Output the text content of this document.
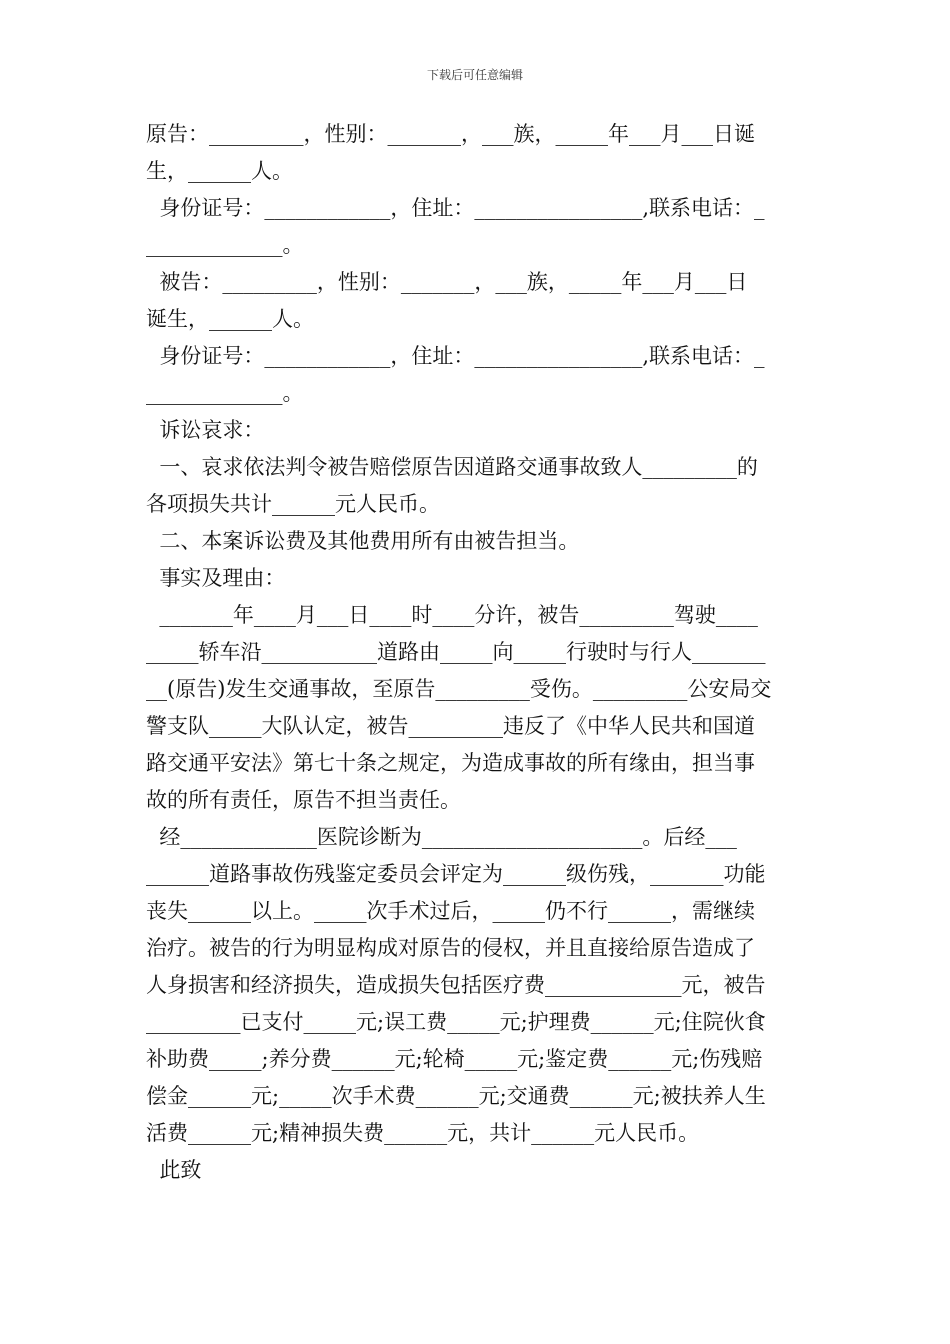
下载后可任意编辑
原告：_________，性别：_______，___族，_____年___月___日诞
生，______人。
身份证号：____________，住址：________________,联系电话：_
_____________。
被告：_________，性别：_______，___族，_____年___月___日
诞生，______人。
身份证号：____________，住址：________________,联系电话：_
_____________。
诉讼哀求：
一、哀求依法判令被告赔偿原告因道路交通事故致人_________的
各项损失共计______元人民币。
二、本案诉讼费及其他费用所有由被告担当。
事实及理由：
_______年____月___日____时____分许，被告_________驾驶____
_____轿车沿___________道路由_____向_____行驶时与行人_______
__(原告)发生交通事故，至原告_________受伤。_________公安局交
警支队_____大队认定，被告_________违反了《中华人民共和国道
路交通平安法》第七十条之规定，为造成事故的所有缘由，担当事
故的所有责任，原告不担当责任。
经_____________医院诊断为_____________________。后经___
______道路事故伤残鉴定委员会评定为______级伤残，_______功能
丧失______以上。_____次手术过后，_____仍不行______，需继续
治疗。被告的行为明显构成对原告的侵权，并且直接给原告造成了
人身损害和经济损失，造成损失包括医疗费_____________元，被告
_________已支付_____元;误工费_____元;护理费______元;住院伙食
补助费_____;养分费______元;轮椅_____元;鉴定费______元;伤残赔
偿金______元;_____次手术费______元;交通费______元;被扶养人生
活费______元;精神损失费______元，共计______元人民币。
此致
